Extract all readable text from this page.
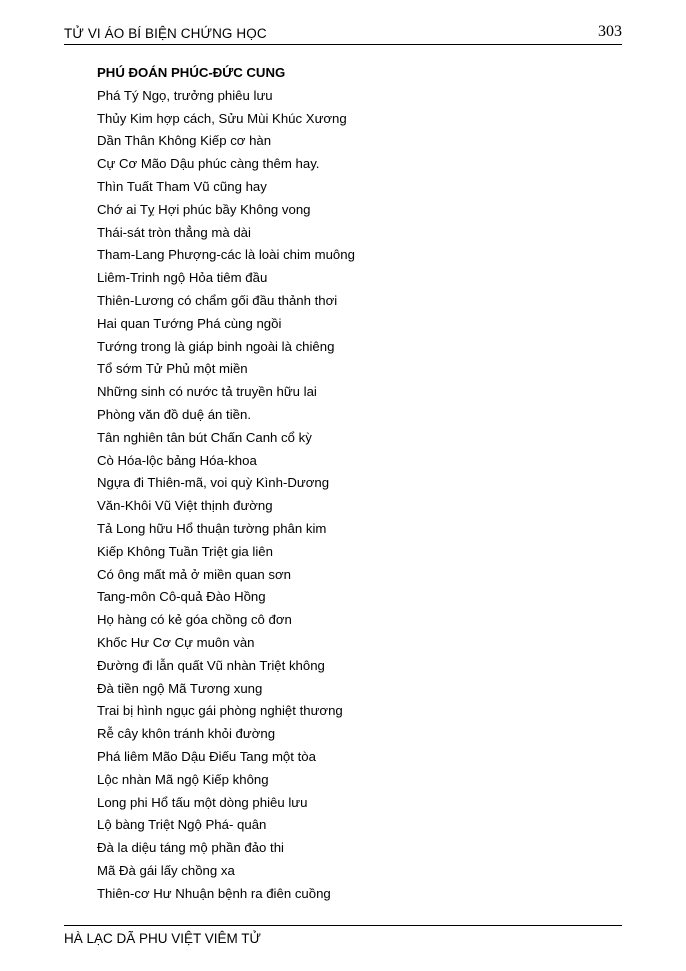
TỬ VI ÁO BÍ BIỆN CHỨNG HỌC	303
PHÚ ĐOÁN PHÚC-ĐỨC CUNG
Phá Tý Ngọ, trưởng phiêu lưu
Thủy Kim hợp cách, Sửu Mùi Khúc Xương
Dần Thân Không Kiếp cơ hàn
Cự Cơ Mão Dậu phúc càng thêm hay.
Thìn Tuất Tham Vũ cũng hay
Chớ ai Tỵ Hợi phúc bầy Không vong
Thái-sát tròn thẳng mà dài
Tham-Lang Phượng-các là loài chim muông
Liêm-Trinh ngộ Hỏa tiêm đầu
Thiên-Lương có chẩm gối đầu thảnh thơi
Hai quan Tướng Phá cùng ngồi
Tướng trong là giáp binh ngoài là chiêng
Tổ sớm Tử Phủ một miền
Những sinh có nước tả truyền hữu lai
Phòng văn đồ duệ án tiền.
Tân nghiên tân bút Chấn Canh cổ kỳ
Cò Hóa-lộc bảng Hóa-khoa
Ngựa đi Thiên-mã, voi quỳ Kình-Dương
Văn-Khôi Vũ Việt thịnh đường
Tả Long hữu Hổ thuận tường phân kim
Kiếp Không Tuần Triệt gia liên
Có ông mất mả ở miền quan sơn
Tang-môn Cô-quả Đào Hồng
Họ hàng có kẻ góa chồng cô đơn
Khốc Hư Cơ Cự muôn vàn
Đường đi lẫn quất Vũ nhàn Triệt không
Đà tiền ngộ Mã Tương xung
Trai bị hình ngục gái phòng nghiệt thương
Rễ cây khôn tránh khỏi đường
Phá liêm Mão Dậu Điếu Tang một tòa
Lộc nhàn Mã ngộ Kiếp không
Long phi Hổ tấu một dòng phiêu lưu
Lộ bàng Triệt Ngộ Phá- quân
Đà la diệu táng mộ phần đảo thi
Mã Đà gái lấy chồng xa
Thiên-cơ Hư Nhuận bệnh ra điên cuồng
HÀ LẠC DÃ PHU VIỆT VIÊM TỬ
